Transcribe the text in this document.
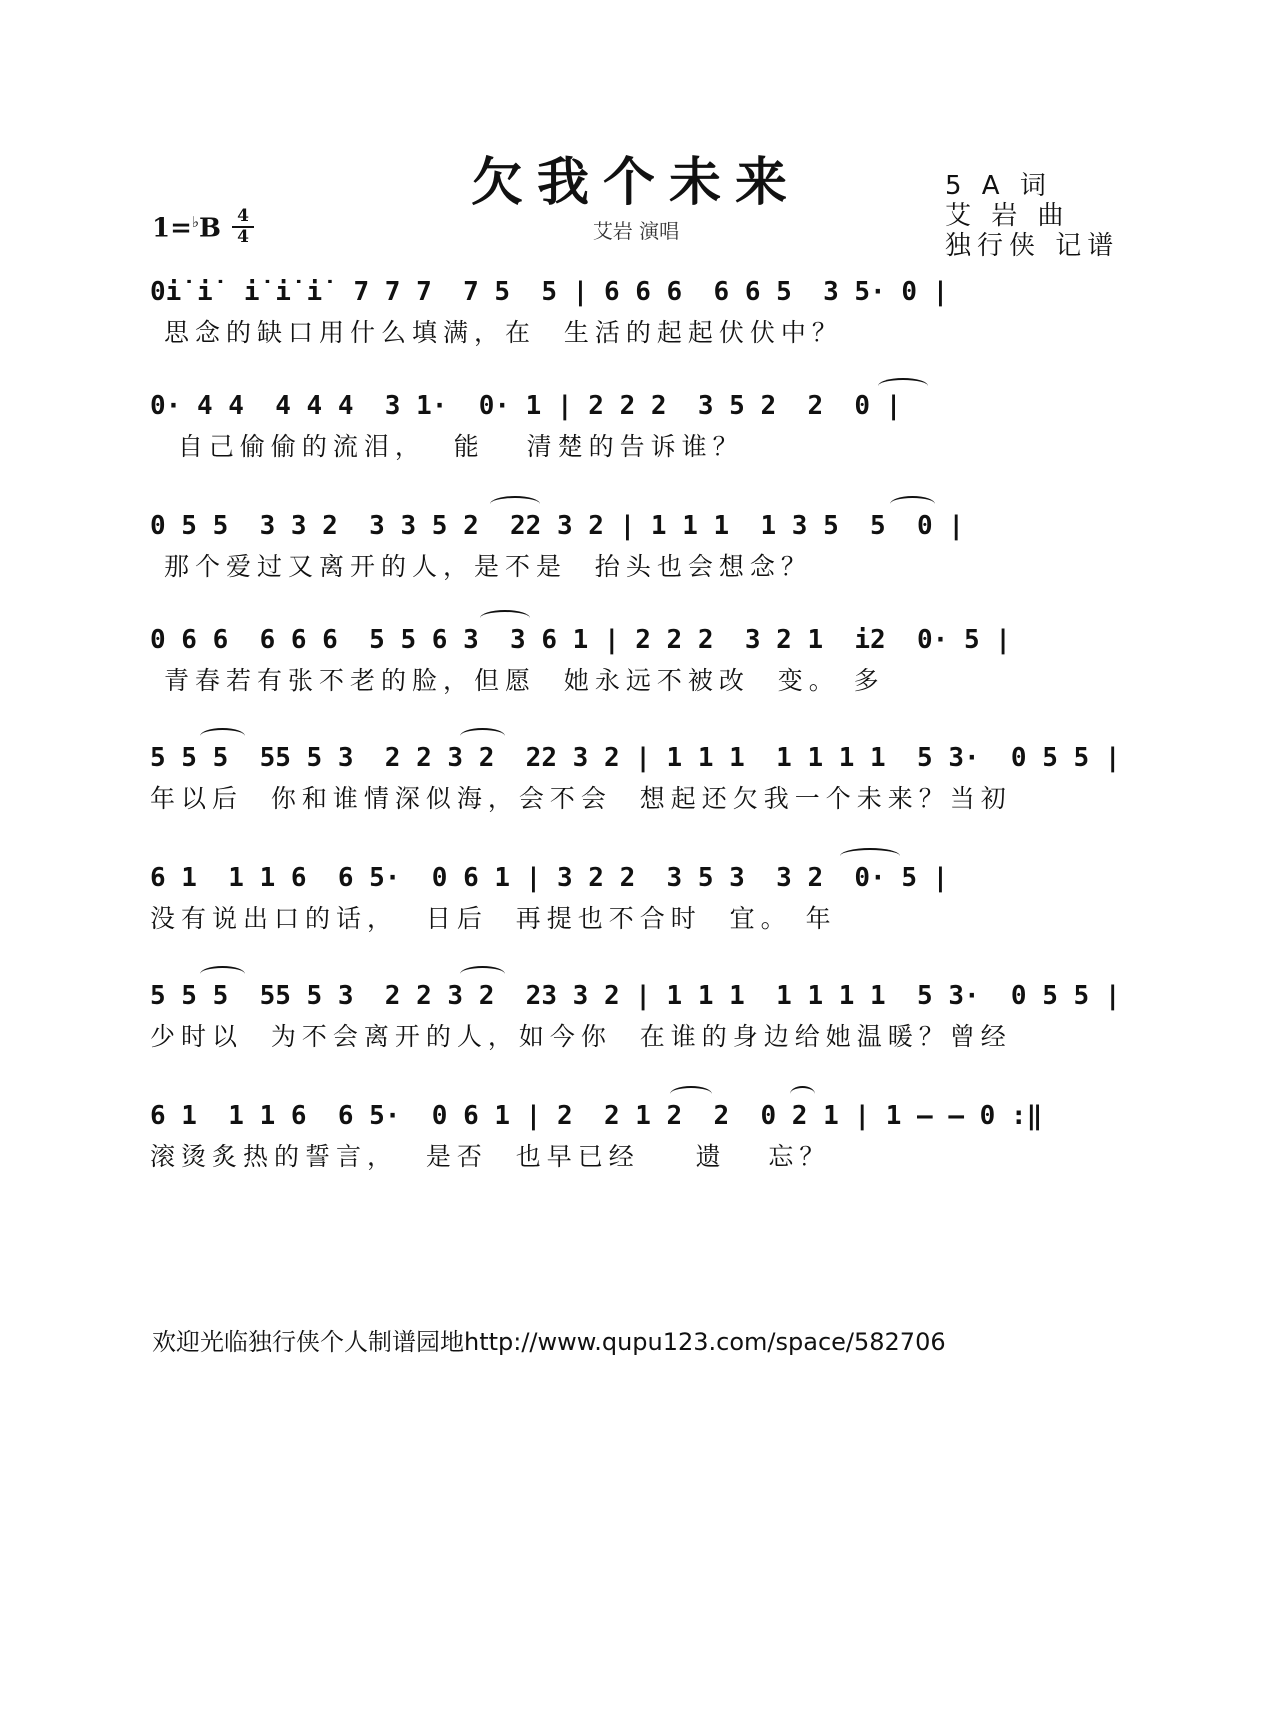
欠我个未来
艾岩 演唱
5 A 词
艾 岩 曲
独行侠 记谱
1=♭B 4
4
0i̇ i̇  i̇ i̇ i̇  7 7 7  7 5  5 | 6 6 6  6 6 5  3 5· 0 |
思念的缺口用什么填满，在  生活的起起伏伏中？
0· 4 4  4 4 4  3 1·  0· 1 | 2 2 2  3 5 2  2  0 |
自己偷偷的流泪，  能   清楚的告诉谁？
0 5 5  3 3 2  3 3 5 2  22 3 2 | 1 1 1  1 3 5  5  0 |
那个爱过又离开的人，是不是  抬头也会想念？
0 6 6  6 6 6  5 5 6 3  3 6 1 | 2 2 2  3 2 1  i2  0· 5 |
青春若有张不老的脸，但愿  她永远不被改  变。 多
5 5 5  55 5 3  2 2 3 2  22 3 2 | 1 1 1  1 1 1 1  5 3·  0 5 5 |
年以后  你和谁情深似海，会不会  想起还欠我一个未来？当初
6 1  1 1 6  6 5·  0 6 1 | 3 2 2  3 5 3  3 2  0· 5 |
没有说出口的话，  日后  再提也不合时  宜。 年
5 5 5  55 5 3  2 2 3 2  23 3 2 | 1 1 1  1 1 1 1  5 3·  0 5 5 |
少时以  为不会离开的人，如今你  在谁的身边给她温暖？曾经
6 1  1 1 6  6 5·  0 6 1 | 2  2 1 2  2  0 2 1 | 1 – – 0 :‖
滚烫炙热的誓言，  是否  也早已经    遗   忘？
欢迎光临独行侠个人制谱园地http://www.qupu123.com/space/582706
